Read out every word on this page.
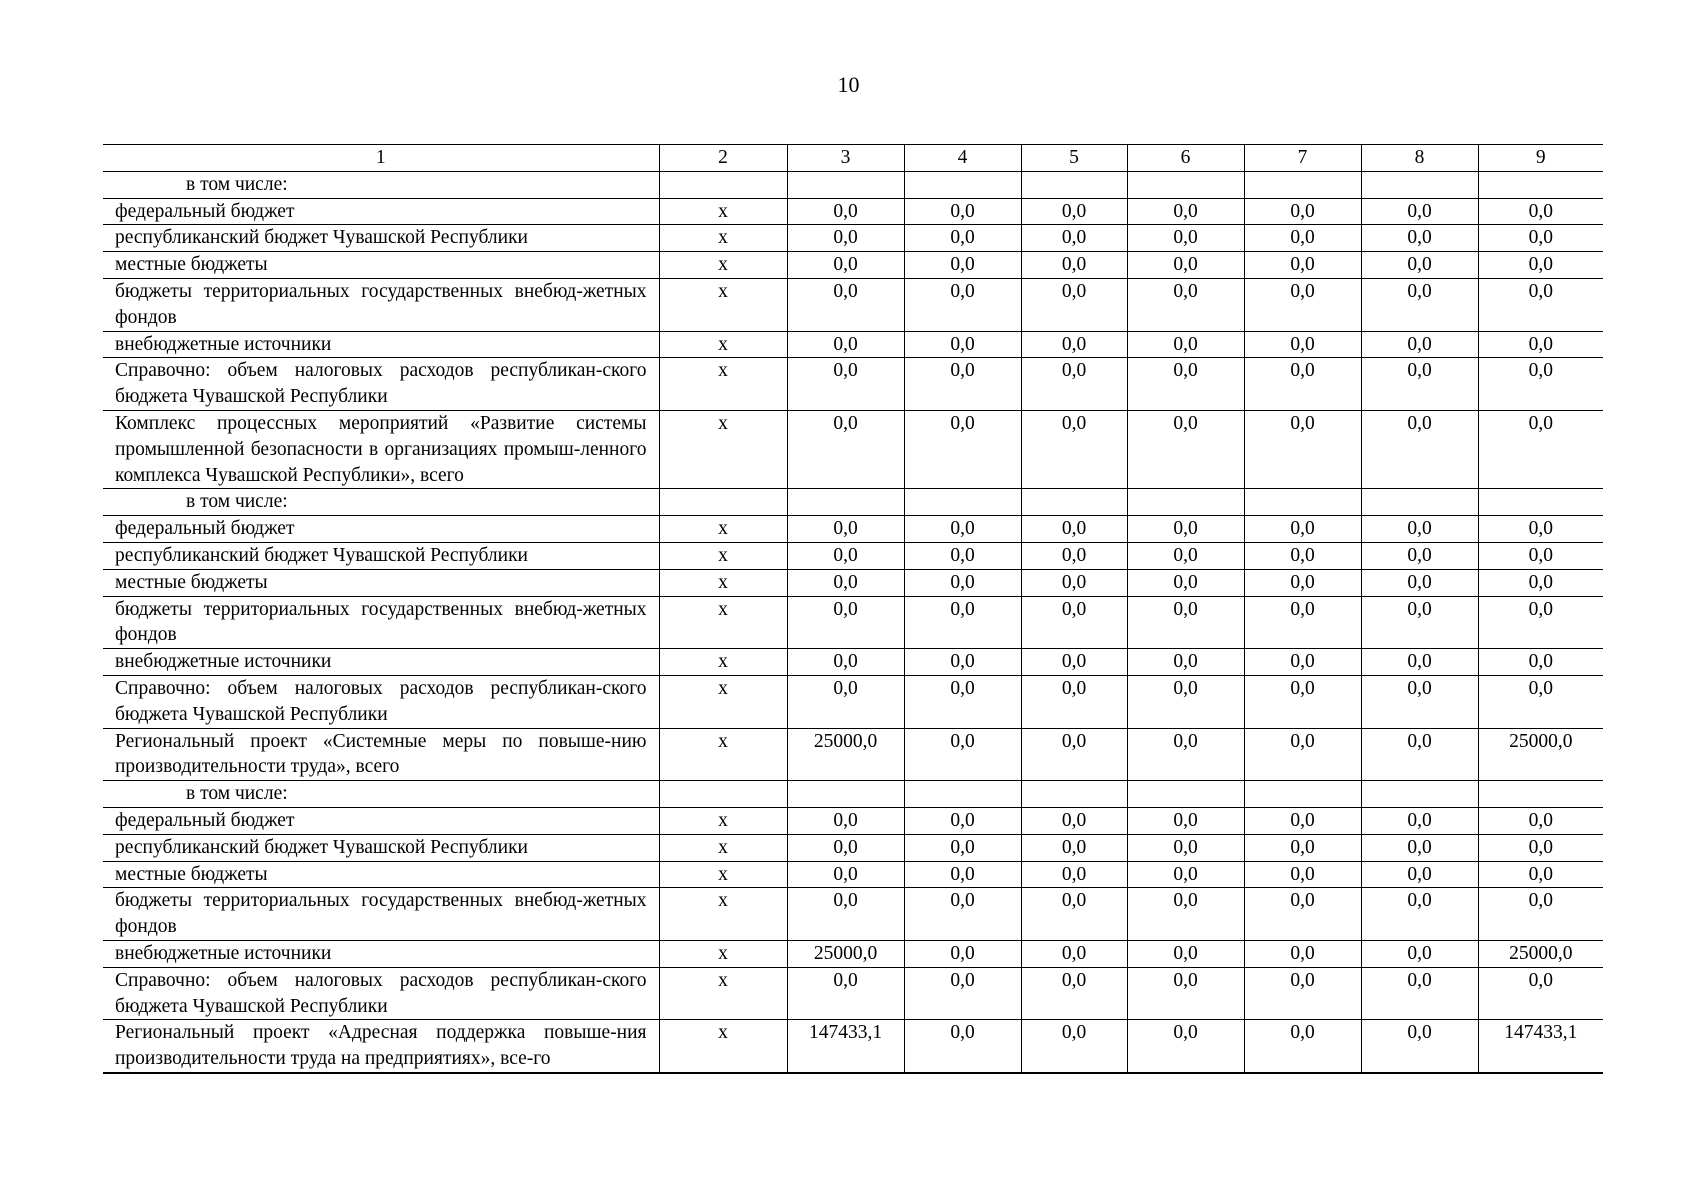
10
1	2	3	4	5	6	7	8	9
в том числе:								
федеральный бюджет	х	0,0	0,0	0,0	0,0	0,0	0,0	0,0
республиканский бюджет Чувашской Республики	х	0,0	0,0	0,0	0,0	0,0	0,0	0,0
местные бюджеты	х	0,0	0,0	0,0	0,0	0,0	0,0	0,0
бюджеты территориальных государственных внебюд-жетных фондов	х	0,0	0,0	0,0	0,0	0,0	0,0	0,0
внебюджетные источники	х	0,0	0,0	0,0	0,0	0,0	0,0	0,0
Справочно: объем налоговых расходов республикан-ского бюджета Чувашской Республики	х	0,0	0,0	0,0	0,0	0,0	0,0	0,0
Комплекс процессных мероприятий «Развитие системы промышленной безопасности в организациях промыш-ленного комплекса Чувашской Республики», всего	х	0,0	0,0	0,0	0,0	0,0	0,0	0,0
в том числе:								
федеральный бюджет	х	0,0	0,0	0,0	0,0	0,0	0,0	0,0
республиканский бюджет Чувашской Республики	х	0,0	0,0	0,0	0,0	0,0	0,0	0,0
местные бюджеты	х	0,0	0,0	0,0	0,0	0,0	0,0	0,0
бюджеты территориальных государственных внебюд-жетных фондов	х	0,0	0,0	0,0	0,0	0,0	0,0	0,0
внебюджетные источники	х	0,0	0,0	0,0	0,0	0,0	0,0	0,0
Справочно: объем налоговых расходов республикан-ского бюджета Чувашской Республики	х	0,0	0,0	0,0	0,0	0,0	0,0	0,0
Региональный проект «Системные меры по повыше-нию производительности труда», всего	х	25000,0	0,0	0,0	0,0	0,0	0,0	25000,0
в том числе:								
федеральный бюджет	х	0,0	0,0	0,0	0,0	0,0	0,0	0,0
республиканский бюджет Чувашской Республики	х	0,0	0,0	0,0	0,0	0,0	0,0	0,0
местные бюджеты	х	0,0	0,0	0,0	0,0	0,0	0,0	0,0
бюджеты территориальных государственных внебюд-жетных фондов	х	0,0	0,0	0,0	0,0	0,0	0,0	0,0
внебюджетные источники	х	25000,0	0,0	0,0	0,0	0,0	0,0	25000,0
Справочно: объем налоговых расходов республикан-ского бюджета Чувашской Республики	х	0,0	0,0	0,0	0,0	0,0	0,0	0,0
Региональный проект «Адресная поддержка повыше-ния производительности труда на предприятиях», все-го	х	147433,1	0,0	0,0	0,0	0,0	0,0	147433,1
